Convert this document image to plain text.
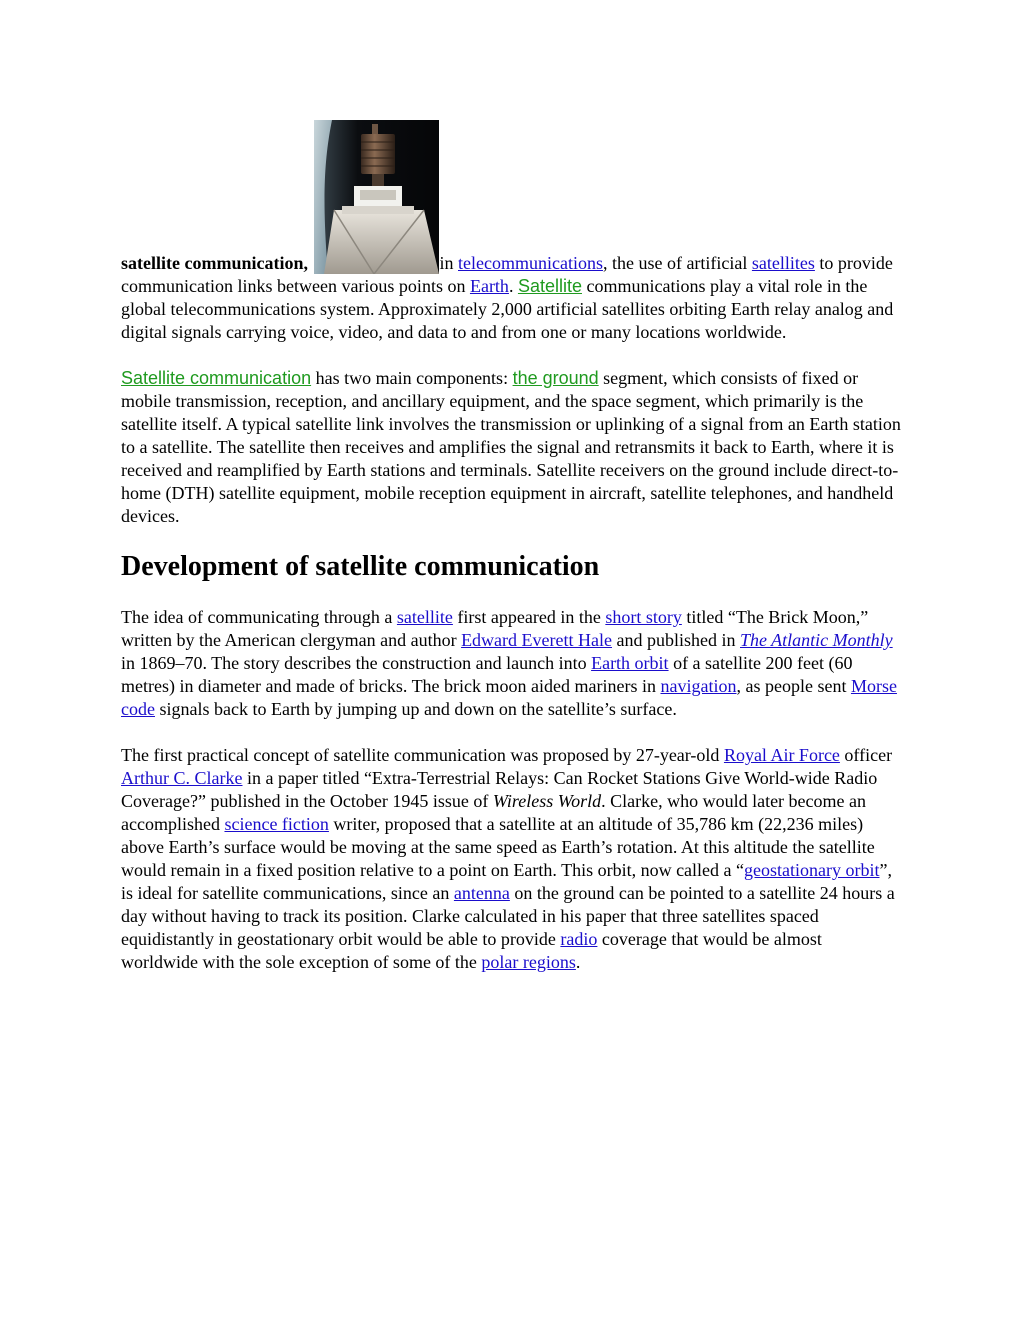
satellite communication,	in telecommunications, the use of artificial satellites to provide communication links between various points on Earth. Satellite communications play a vital role in the global telecommunications system. Approximately 2,000 artificial satellites orbiting Earth relay analog and digital signals carrying voice, video, and data to and from one or many locations worldwide.

Satellite communication has two main components: the ground segment, which consists of fixed or mobile transmission, reception, and ancillary equipment, and the space segment, which primarily is the satellite itself. A typical satellite link involves the transmission or uplinking of a signal from an Earth station to a satellite. The satellite then receives and amplifies the signal and retransmits it back to Earth, where it is received and reamplified by Earth stations and terminals. Satellite receivers on the ground include direct-to-home (DTH) satellite equipment, mobile reception equipment in aircraft, satellite telephones, and handheld devices.

Development of satellite communication

The idea of communicating through a satellite first appeared in the short story titled “The Brick Moon,” written by the American clergyman and author Edward Everett Hale and published in The Atlantic Monthly in 1869–70. The story describes the construction and launch into Earth orbit of a satellite 200 feet (60 metres) in diameter and made of bricks. The brick moon aided mariners in navigation, as people sent Morse code signals back to Earth by jumping up and down on the satellite’s surface.

The first practical concept of satellite communication was proposed by 27-year-old Royal Air Force officer Arthur C. Clarke in a paper titled “Extra-Terrestrial Relays: Can Rocket Stations Give World-wide Radio Coverage?” published in the October 1945 issue of Wireless World. Clarke, who would later become an accomplished science fiction writer, proposed that a satellite at an altitude of 35,786 km (22,236 miles) above Earth’s surface would be moving at the same speed as Earth’s rotation. At this altitude the satellite would remain in a fixed position relative to a point on Earth. This orbit, now called a “geostationary orbit”, is ideal for satellite communications, since an antenna on the ground can be pointed to a satellite 24 hours a day without having to track its position. Clarke calculated in his paper that three satellites spaced equidistantly in geostationary orbit would be able to provide radio coverage that would be almost worldwide with the sole exception of some of the polar regions.
